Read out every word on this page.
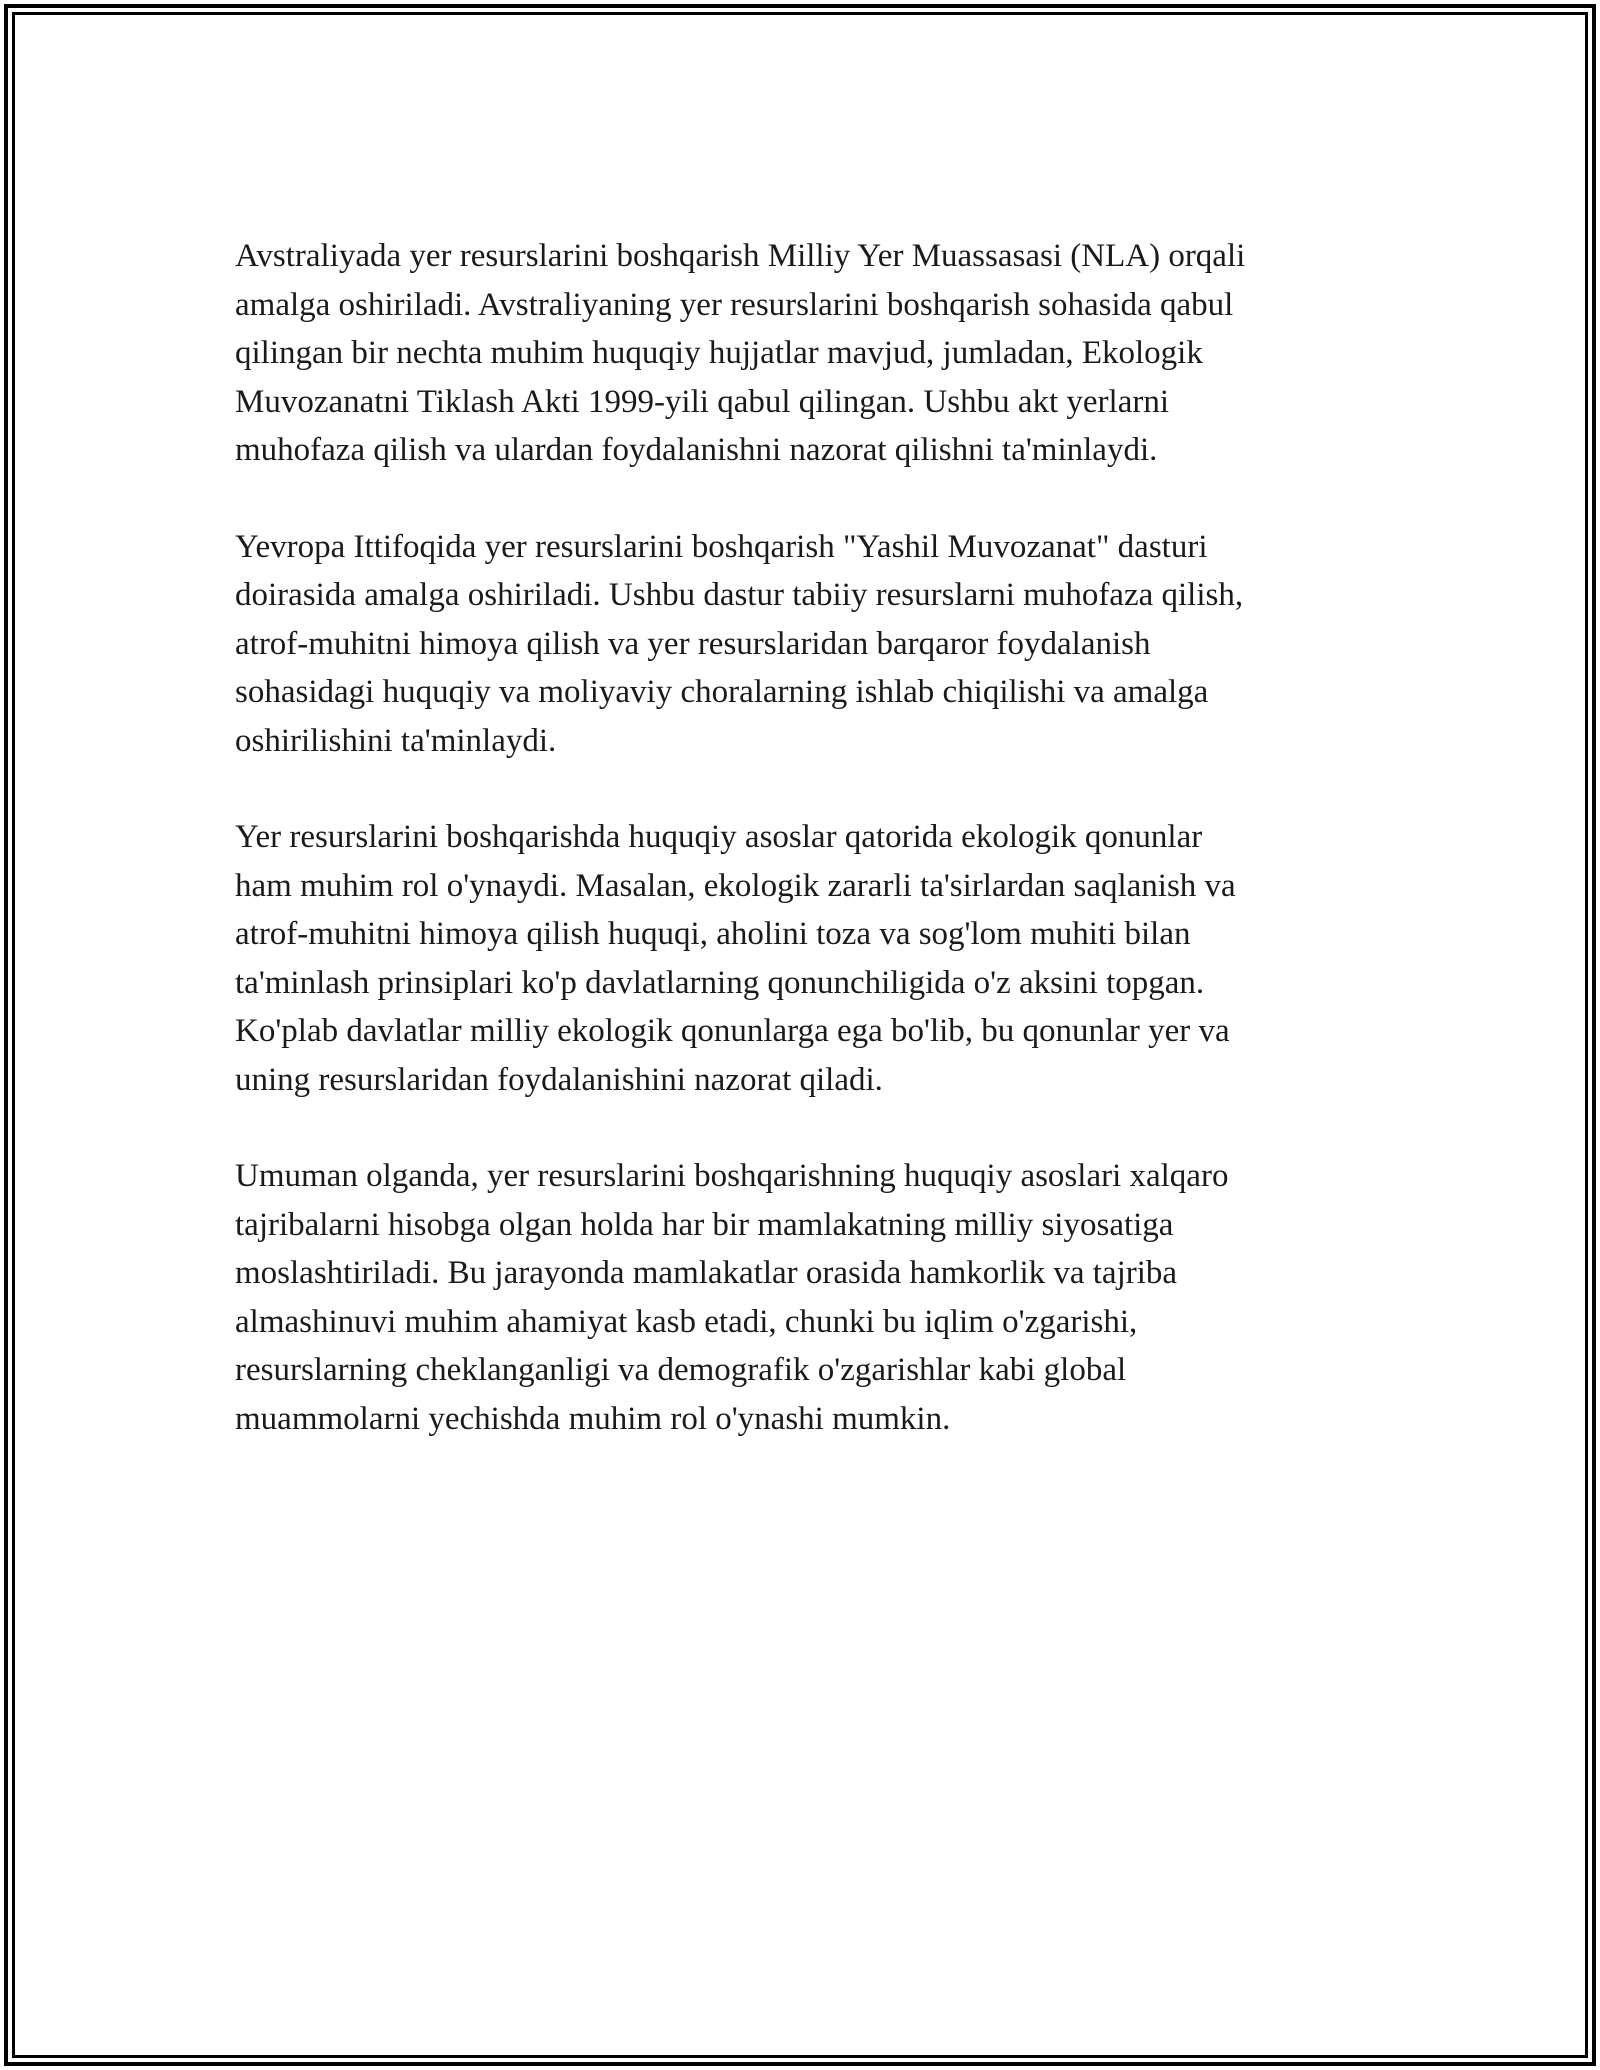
Avstraliyada yer resurslarini boshqarish Milliy Yer Muassasasi (NLA) orqali
amalga oshiriladi. Avstraliyaning yer resurslarini boshqarish sohasida qabul
qilingan bir nechta muhim huquqiy hujjatlar mavjud, jumladan, Ekologik
Muvozanatni Tiklash Akti 1999-yili qabul qilingan. Ushbu akt yerlarni
muhofaza qilish va ulardan foydalanishni nazorat qilishni ta'minlaydi.

Yevropa Ittifoqida yer resurslarini boshqarish "Yashil Muvozanat" dasturi
doirasida amalga oshiriladi. Ushbu dastur tabiiy resurslarni muhofaza qilish,
atrof-muhitni himoya qilish va yer resurslaridan barqaror foydalanish
sohasidagi huquqiy va moliyaviy choralarning ishlab chiqilishi va amalga
oshirilishini ta'minlaydi.

Yer resurslarini boshqarishda huquqiy asoslar qatorida ekologik qonunlar
ham muhim rol o'ynaydi. Masalan, ekologik zararli ta'sirlardan saqlanish va
atrof-muhitni himoya qilish huquqi, aholini toza va sog'lom muhiti bilan
ta'minlash prinsiplari ko'p davlatlarning qonunchiligida o'z aksini topgan.
Ko'plab davlatlar milliy ekologik qonunlarga ega bo'lib, bu qonunlar yer va
uning resurslaridan foydalanishini nazorat qiladi.

Umuman olganda, yer resurslarini boshqarishning huquqiy asoslari xalqaro
tajribalarni hisobga olgan holda har bir mamlakatning milliy siyosatiga
moslashtiriladi. Bu jarayonda mamlakatlar orasida hamkorlik va tajriba
almashinuvi muhim ahamiyat kasb etadi, chunki bu iqlim o'zgarishi,
resurslarning cheklanganligi va demografik o'zgarishlar kabi global
muammolarni yechishda muhim rol o'ynashi mumkin.
